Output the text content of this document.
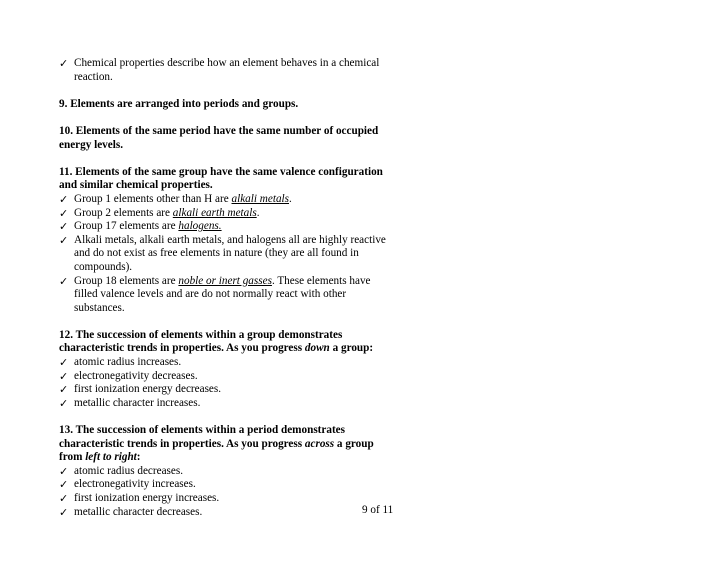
✓ Chemical properties describe how an element behaves in a chemical
reaction.
9. Elements are arranged into periods and groups.
10. Elements of the same period have the same number of occupied
energy levels.
11. Elements of the same group have the same valence configuration
and similar chemical properties.
✓ Group 1 elements other than H are alkali metals.
✓ Group 2 elements are alkali earth metals.
✓ Group 17 elements are halogens.
✓ Alkali metals, alkali earth metals, and halogens all are highly reactive
and do not exist as free elements in nature (they are all found in
compounds).
✓ Group 18 elements are noble or inert gasses. These elements have
filled valence levels and are do not normally react with other
substances.
12. The succession of elements within a group demonstrates
characteristic trends in properties. As you progress down a group:
✓ atomic radius increases.
✓ electronegativity decreases.
✓ first ionization energy decreases.
✓ metallic character increases.
13. The succession of elements within a period demonstrates
characteristic trends in properties. As you progress across a group
from left to right:
✓ atomic radius decreases.
✓ electronegativity increases.
✓ first ionization energy increases.
✓ metallic character decreases.	9 of 11
